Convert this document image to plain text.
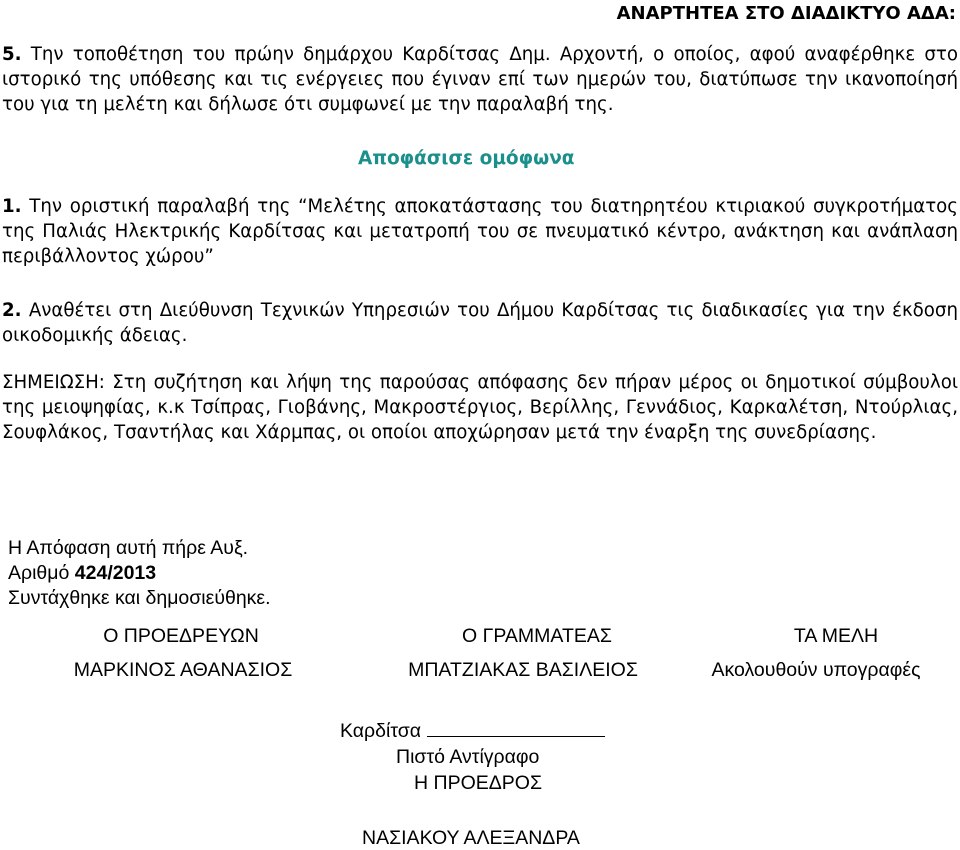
ΑΝΑΡΤΗΤΕΑ ΣΤΟ ΔΙΑΔΙΚΤΥΟ ΑΔΑ:
5. Την τοποθέτηση του πρώην δημάρχου Καρδίτσας Δημ. Αρχοντή, ο οποίος, αφού αναφέρθηκε στο ιστορικό της υπόθεσης και τις ενέργειες που έγιναν επί των ημερών του, διατύπωσε την ικανοποίησή του για τη μελέτη και δήλωσε ότι συμφωνεί με την παραλαβή της.
Αποφάσισε ομόφωνα
1. Την οριστική παραλαβή της “Μελέτης αποκατάστασης του διατηρητέου κτιριακού συγκροτήματος της Παλιάς Ηλεκτρικής Καρδίτσας και μετατροπή του σε πνευματικό κέντρο, ανάκτηση και ανάπλαση περιβάλλοντος χώρου”
2. Αναθέτει στη Διεύθυνση Τεχνικών Υπηρεσιών του Δήμου Καρδίτσας τις διαδικασίες για την έκδοση οικοδομικής άδειας.
ΣΗΜΕΙΩΣΗ: Στη συζήτηση και λήψη της παρούσας απόφασης δεν πήραν μέρος οι δημοτικοί σύμβουλοι της μειοψηφίας, κ.κ Τσίπρας, Γιοβάνης, Μακροστέργιος, Βερίλλης, Γεννάδιος, Καρκαλέτση, Ντούρλιας, Σουφλάκος, Τσαντήλας και Χάρμπας, οι οποίοι αποχώρησαν μετά την έναρξη της συνεδρίασης.
Η Απόφαση αυτή πήρε Αυξ.
Αριθμό 424/2013
Συντάχθηκε και δημοσιεύθηκε.
Ο ΠΡΟΕΔΡΕΥΩΝ	Ο ΓΡΑΜΜΑΤΕΑΣ	ΤΑ ΜΕΛΗ
ΜΑΡΚΙΝΟΣ ΑΘΑΝΑΣΙΟΣ	ΜΠΑΤΖΙΑΚΑΣ ΒΑΣΙΛΕΙΟΣ	Ακολουθούν υπογραφές
Καρδίτσα
Πιστό Αντίγραφο
Η ΠΡΟΕΔΡΟΣ
ΝΑΣΙΑΚΟΥ ΑΛΕΞΑΝΔΡΑ
